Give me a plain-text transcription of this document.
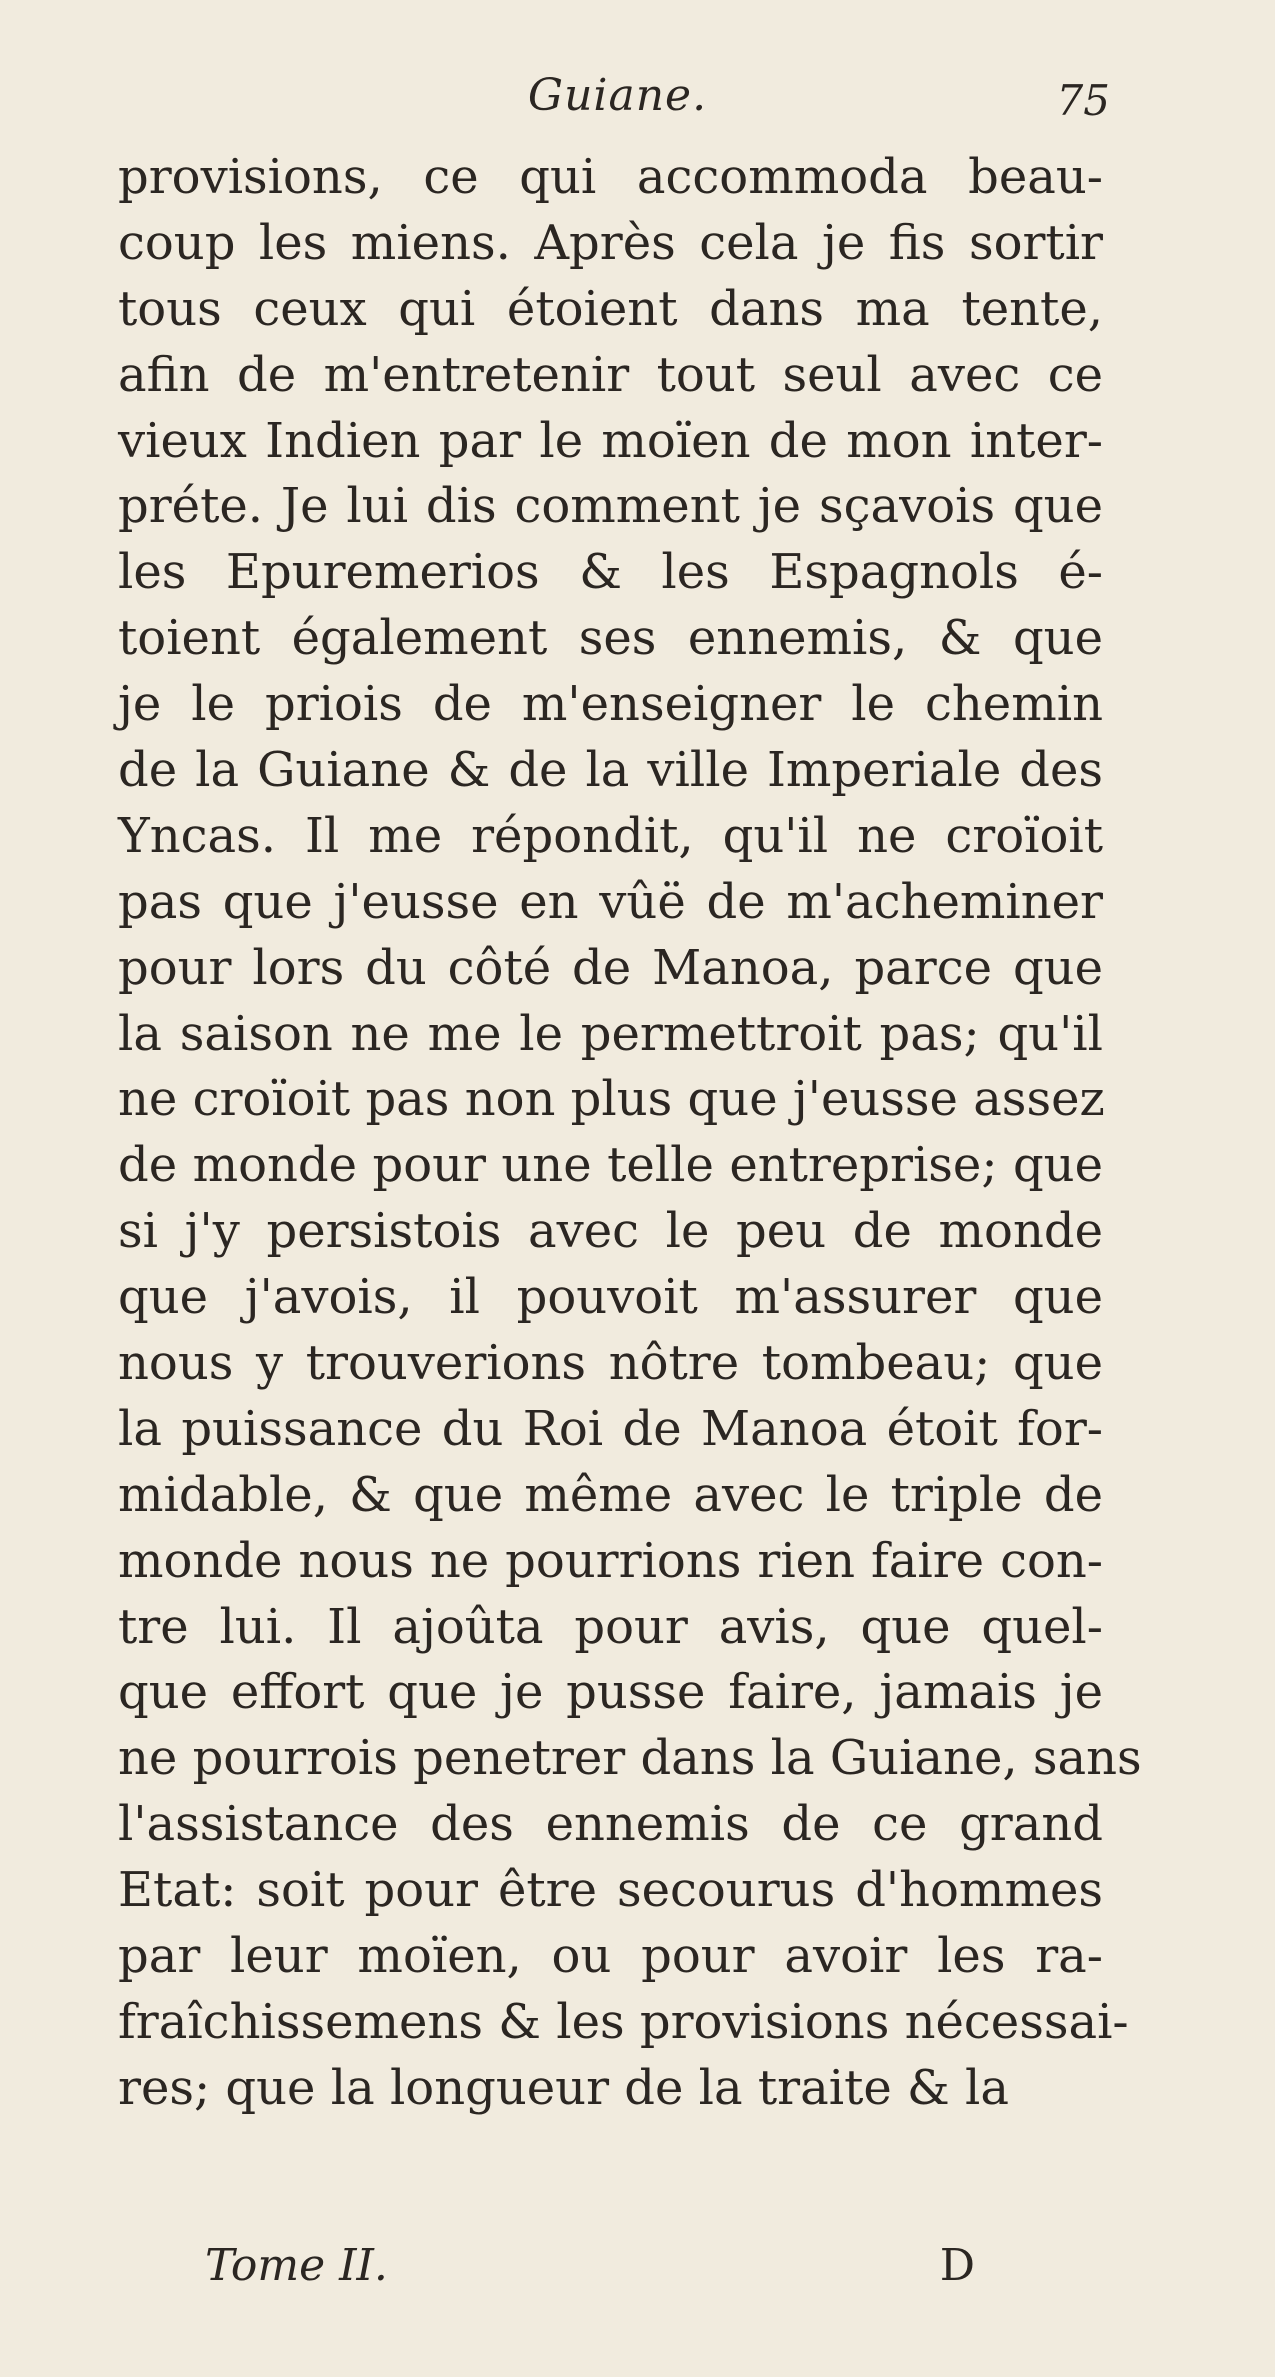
Guiane.	75
provisions, ce qui accommoda beau-
coup les miens. Après cela je fis sortir
tous ceux qui étoient dans ma tente,
afin de m'entretenir tout seul avec ce
vieux Indien par le moïen de mon inter-
préte. Je lui dis comment je sçavois que
les Epuremerios & les Espagnols é-
toient également ses ennemis, & que
je le priois de m'enseigner le chemin
de la Guiane & de la ville Imperiale des
Yncas. Il me répondit, qu'il ne croïoit
pas que j'eusse en vûë de m'acheminer
pour lors du côté de Manoa, parce que
la saison ne me le permettroit pas; qu'il
ne croïoit pas non plus que j'eusse assez
de monde pour une telle entreprise; que
si j'y persistois avec le peu de monde
que j'avois, il pouvoit m'assurer que
nous y trouverions nôtre tombeau; que
la puissance du Roi de Manoa étoit for-
midable, & que même avec le triple de
monde nous ne pourrions rien faire con-
tre lui. Il ajoûta pour avis, que quel-
que effort que je pusse faire, jamais je
ne pourrois penetrer dans la Guiane, sans
l'assistance des ennemis de ce grand
Etat: soit pour être secourus d'hommes
par leur moïen, ou pour avoir les ra-
fraîchissemens & les provisions nécessai-
res; que la longueur de la traite & la
Tome II.	D
